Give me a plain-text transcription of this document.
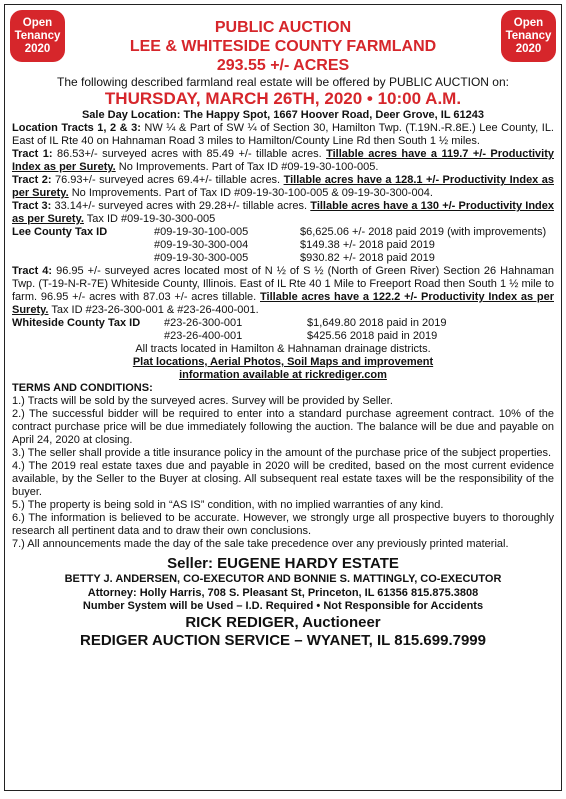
Open
Tenancy
2020
Open
Tenancy
2020
PUBLIC AUCTION
LEE & WHITESIDE COUNTY FARMLAND
293.55 +/- ACRES
The following described farmland real estate will be offered by PUBLIC AUCTION on:
THURSDAY, MARCH 26TH, 2020 • 10:00 A.M.

Sale Day Location: The Happy Spot, 1667 Hoover Road, Deer Grove, IL 61243

Location Tracts 1, 2 & 3: NW ¼ & Part of SW ¼ of Section 30, Hamilton Twp. (T.19N.-R.8E.) Lee County, IL. East of IL Rte 40 on Hahnaman Road 3 miles to Hamilton/County Line Rd then South 1 ½ miles.

Tract 1: 86.53+/- surveyed acres with 85.49 +/- tillable acres. Tillable acres have a 119.7 +/- Productivity Index as per Surety. No Improvements. Part of Tax ID #09-19-30-100-005.

Tract 2: 76.93+/- surveyed acres 69.4+/- tillable acres. Tillable acres have a 128.1 +/- Productivity Index as per Surety. No Improvements. Part of Tax ID #09-19-30-100-005 & 09-19-30-300-004.

Tract 3: 33.14+/- surveyed acres with 29.28+/- tillable acres. Tillable acres have a 130 +/- Productivity Index as per Surety. Tax ID #09-19-30-300-005

Lee County Tax ID	#09-19-30-100-005	$6,625.06 +/- 2018 paid 2019 (with improvements)
#09-19-30-300-004	$149.38 +/- 2018 paid 2019
#09-19-30-300-005	$930.82 +/- 2018 paid 2019

Tract 4: 96.95 +/- surveyed acres located most of N ½ of S ½ (North of Green River) Section 26 Hahnaman Twp. (T-19-N-R-7E) Whiteside County, Illinois. East of IL Rte 40 1 Mile to Freeport Road then South 1 ½ mile to farm. 96.95 +/- acres with 87.03 +/- acres tillable. Tillable acres have a 122.2 +/- Productivity Index as per Surety. Tax ID #23-26-300-001 & #23-26-400-001.

Whiteside County Tax ID	#23-26-300-001	$1,649.80 2018 paid in 2019
#23-26-400-001	$425.56 2018 paid in 2019

All tracts located in Hamilton & Hahnaman drainage districts.

Plat locations, Aerial Photos, Soil Maps and improvement

information available at rickrediger.com

TERMS AND CONDITIONS:

1.) Tracts will be sold by the surveyed acres. Survey will be provided by Seller.

2.) The successful bidder will be required to enter into a standard purchase agreement contract. 10% of the contract purchase price will be due immediately following the auction. The balance will be due and payable on April 24, 2020 at closing.

3.) The seller shall provide a title insurance policy in the amount of the purchase price of the subject properties.

4.) The 2019 real estate taxes due and payable in 2020 will be credited, based on the most current evidence available, by the Seller to the Buyer at closing. All subsequent real estate taxes will be the responsibility of the buyer.

5.) The property is being sold in “AS IS” condition, with no implied warranties of any kind.

6.) The information is believed to be accurate. However, we strongly urge all prospective buyers to thoroughly research all pertinent data and to draw their own conclusions.

7.) All announcements made the day of the sale take precedence over any previously printed material.

Seller: EUGENE HARDY ESTATE
BETTY J. ANDERSEN, CO-EXECUTOR AND BONNIE S. MATTINGLY, CO-EXECUTOR
Attorney: Holly Harris, 708 S. Pleasant St, Princeton, IL 61356 815.875.3808
Number System will be Used – I.D. Required • Not Responsible for Accidents
RICK REDIGER, Auctioneer
REDIGER AUCTION SERVICE – WYANET, IL 815.699.7999
